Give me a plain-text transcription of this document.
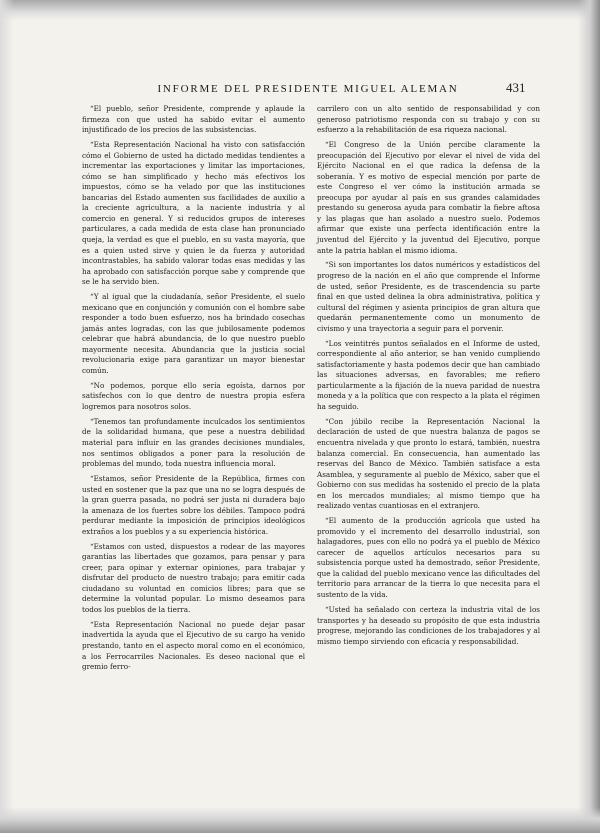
INFORME DEL PRESIDENTE MIGUEL ALEMAN	431

“El pueblo, señor Presidente, comprende y aplaude la firmeza con que usted ha sabido evitar el aumento injustificado de los precios de las subsistencias.

“Esta Representación Nacional ha visto con satisfacción cómo el Gobierno de usted ha dictado medidas tendientes a incrementar las exportaciones y limitar las importaciones, cómo se han simplificado y hecho más efectivos los impuestos, cómo se ha velado por que las instituciones bancarias del Estado aumenten sus facilidades de auxilio a la creciente agricultura, a la naciente industria y al comercio en general. Y si reducidos grupos de intereses particulares, a cada medida de esta clase han pronunciado queja, la verdad es que el pueblo, en su vasta mayoría, que es a quien usted sirve y quien le da fuerza y autoridad incontrastables, ha sabido valorar todas esas medidas y las ha aprobado con satisfacción porque sabe y comprende que se le ha servido bien.

“Y al igual que la ciudadanía, señor Presidente, el suelo mexicano que en conjunción y comunión con el hombre sabe responder a todo buen esfuerzo, nos ha brindado cosechas jamás antes logradas, con las que jubilosamente podemos celebrar que habrá abundancia, de lo que nuestro pueblo mayormente necesita. Abundancia que la justicia social revolucionaria exige para garantizar un mayor bienestar común.

“No podemos, porque ello sería egoísta, darnos por satisfechos con lo que dentro de nuestra propia esfera logremos para nosotros solos.

“Tenemos tan profundamente inculcados los sentimientos de la solidaridad humana, que pese a nuestra debilidad material para influir en las grandes decisiones mundiales, nos sentimos obligados a poner para la resolución de problemas del mundo, toda nuestra influencia moral.

“Estamos, señor Presidente de la República, firmes con usted en sostener que la paz que una no se logra después de la gran guerra pasada, no podrá ser justa ni duradera bajo la amenaza de los fuertes sobre los débiles. Tampoco podrá perdurar mediante la imposición de principios ideológicos extraños a los pueblos y a su experiencia histórica.

“Estamos con usted, dispuestos a rodear de las mayores garantías las libertades que gozamos, para pensar y para creer, para opinar y externar opiniones, para trabajar y disfrutar del producto de nuestro trabajo; para emitir cada ciudadano su voluntad en comicios libres; para que se determine la voluntad popular. Lo mismo deseamos para todos los pueblos de la tierra.

“Esta Representación Nacional no puede dejar pasar inadvertida la ayuda que el Ejecutivo de su cargo ha venido prestando, tanto en el aspecto moral como en el económico, a los Ferrocarriles Nacionales. Es deseo nacional que el gremio ferro-

carrilero con un alto sentido de responsabilidad y con generoso patriotismo responda con su trabajo y con su esfuerzo a la rehabilitación de esa riqueza nacional.

“El Congreso de la Unión percibe claramente la preocupación del Ejecutivo por elevar el nivel de vida del Ejército Nacional en el que radica la defensa de la soberanía. Y es motivo de especial mención por parte de este Congreso el ver cómo la institución armada se preocupa por ayudar al país en sus grandes calamidades prestando su generosa ayuda para combatir la fiebre aftosa y las plagas que han asolado a nuestro suelo. Podemos afirmar que existe una perfecta identificación entre la juventud del Ejército y la juventud del Ejecutivo, porque ante la patria hablan el mismo idioma.

“Si son importantes los datos numéricos y estadísticos del progreso de la nación en el año que comprende el Informe de usted, señor Presidente, es de trascendencia su parte final en que usted delinea la obra administrativa, política y cultural del régimen y asienta principios de gran altura que quedarán permanentemente como un monumento de civismo y una trayectoria a seguir para el porvenir.

“Los veintitrés puntos señalados en el Informe de usted, correspondiente al año anterior, se han venido cumpliendo satisfactoriamente y hasta podemos decir que han cambiado las situaciones adversas, en favorables; me refiero particularmente a la fijación de la nueva paridad de nuestra moneda y a la política que con respecto a la plata el régimen ha seguido.

“Con júbilo recibe la Representación Nacional la declaración de usted de que nuestra balanza de pagos se encuentra nivelada y que pronto lo estará, también, nuestra balanza comercial. En consecuencia, han aumentado las reservas del Banco de México. También satisface a esta Asamblea, y seguramente al pueblo de México, saber que el Gobierno con sus medidas ha sostenido el precio de la plata en los mercados mundiales; al mismo tiempo que ha realizado ventas cuantiosas en el extranjero.

“El aumento de la producción agrícola que usted ha promovido y el incremento del desarrollo industrial, son halagadores, pues con ello no podrá ya el pueblo de México carecer de aquellos artículos necesarios para su subsistencia porque usted ha demostrado, señor Presidente, que la calidad del pueblo mexicano vence las dificultades del territorio para arrancar de la tierra lo que necesita para el sustento de la vida.

“Usted ha señalado con certeza la industria vital de los transportes y ha deseado su propósito de que esta industria progrese, mejorando las condiciones de los trabajadores y al mismo tiempo sirviendo con eficacia y responsabilidad.
